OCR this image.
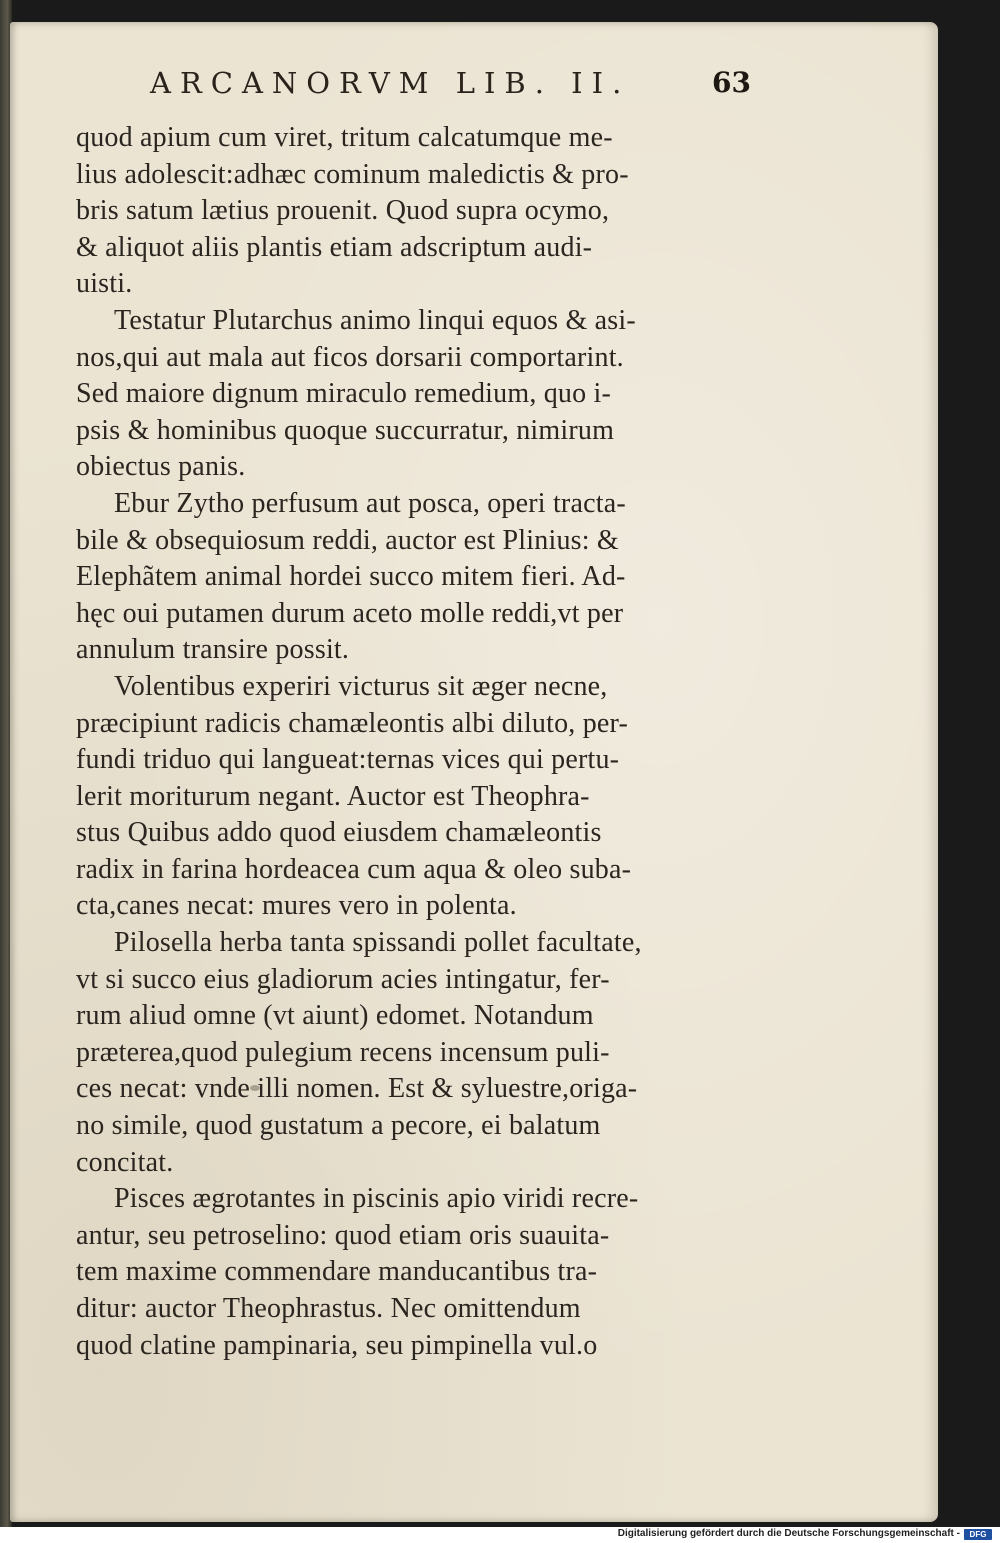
ARCANORVM LIB. II.	63
quod apium cum viret, tritum calcatumque me-
lius adolescit:adhæc cominum maledictis & pro-
bris satum lætius prouenit. Quod supra ocymo,
& aliquot aliis plantis etiam adscriptum audi-
uisti.
Testatur Plutarchus animo linqui equos & asi-
nos,qui aut mala aut ficos dorsarii comportarint.
Sed maiore dignum miraculo remedium, quo i-
psis & hominibus quoque succurratur, nimirum
obiectus panis.
Ebur Zytho perfusum aut posca, operi tracta-
bile & obsequiosum reddi, auctor est Plinius: &
Elephãtem animal hordei succo mitem fieri. Ad-
hęc oui putamen durum aceto molle reddi,vt per
annulum transire possit.
Volentibus experiri victurus sit æger necne,
præcipiunt radicis chamæleontis albi diluto, per-
fundi triduo qui langueat:ternas vices qui pertu-
lerit moriturum negant. Auctor est Theophra-
stus Quibus addo quod eiusdem chamæleontis
radix in farina hordeacea cum aqua & oleo suba-
cta,canes necat: mures vero in polenta.
Pilosella herba tanta spissandi pollet facultate,
vt si succo eius gladiorum acies intingatur, fer-
rum aliud omne (vt aiunt) edomet. Notandum
præterea,quod pulegium recens incensum puli-
ces necat: vnde illi nomen. Est & syluestre,origa-
no simile, quod gustatum a pecore, ei balatum
concitat.
Pisces ægrotantes in piscinis apio viridi recre-
antur, seu petroselino: quod etiam oris suauita-
tem maxime commendare manducantibus tra-
ditur: auctor Theophrastus. Nec omittendum
quod clatine pampinaria, seu pimpinella vul.o
Digitalisierung gefördert durch die Deutsche Forschungsgemeinschaft -	DFG
